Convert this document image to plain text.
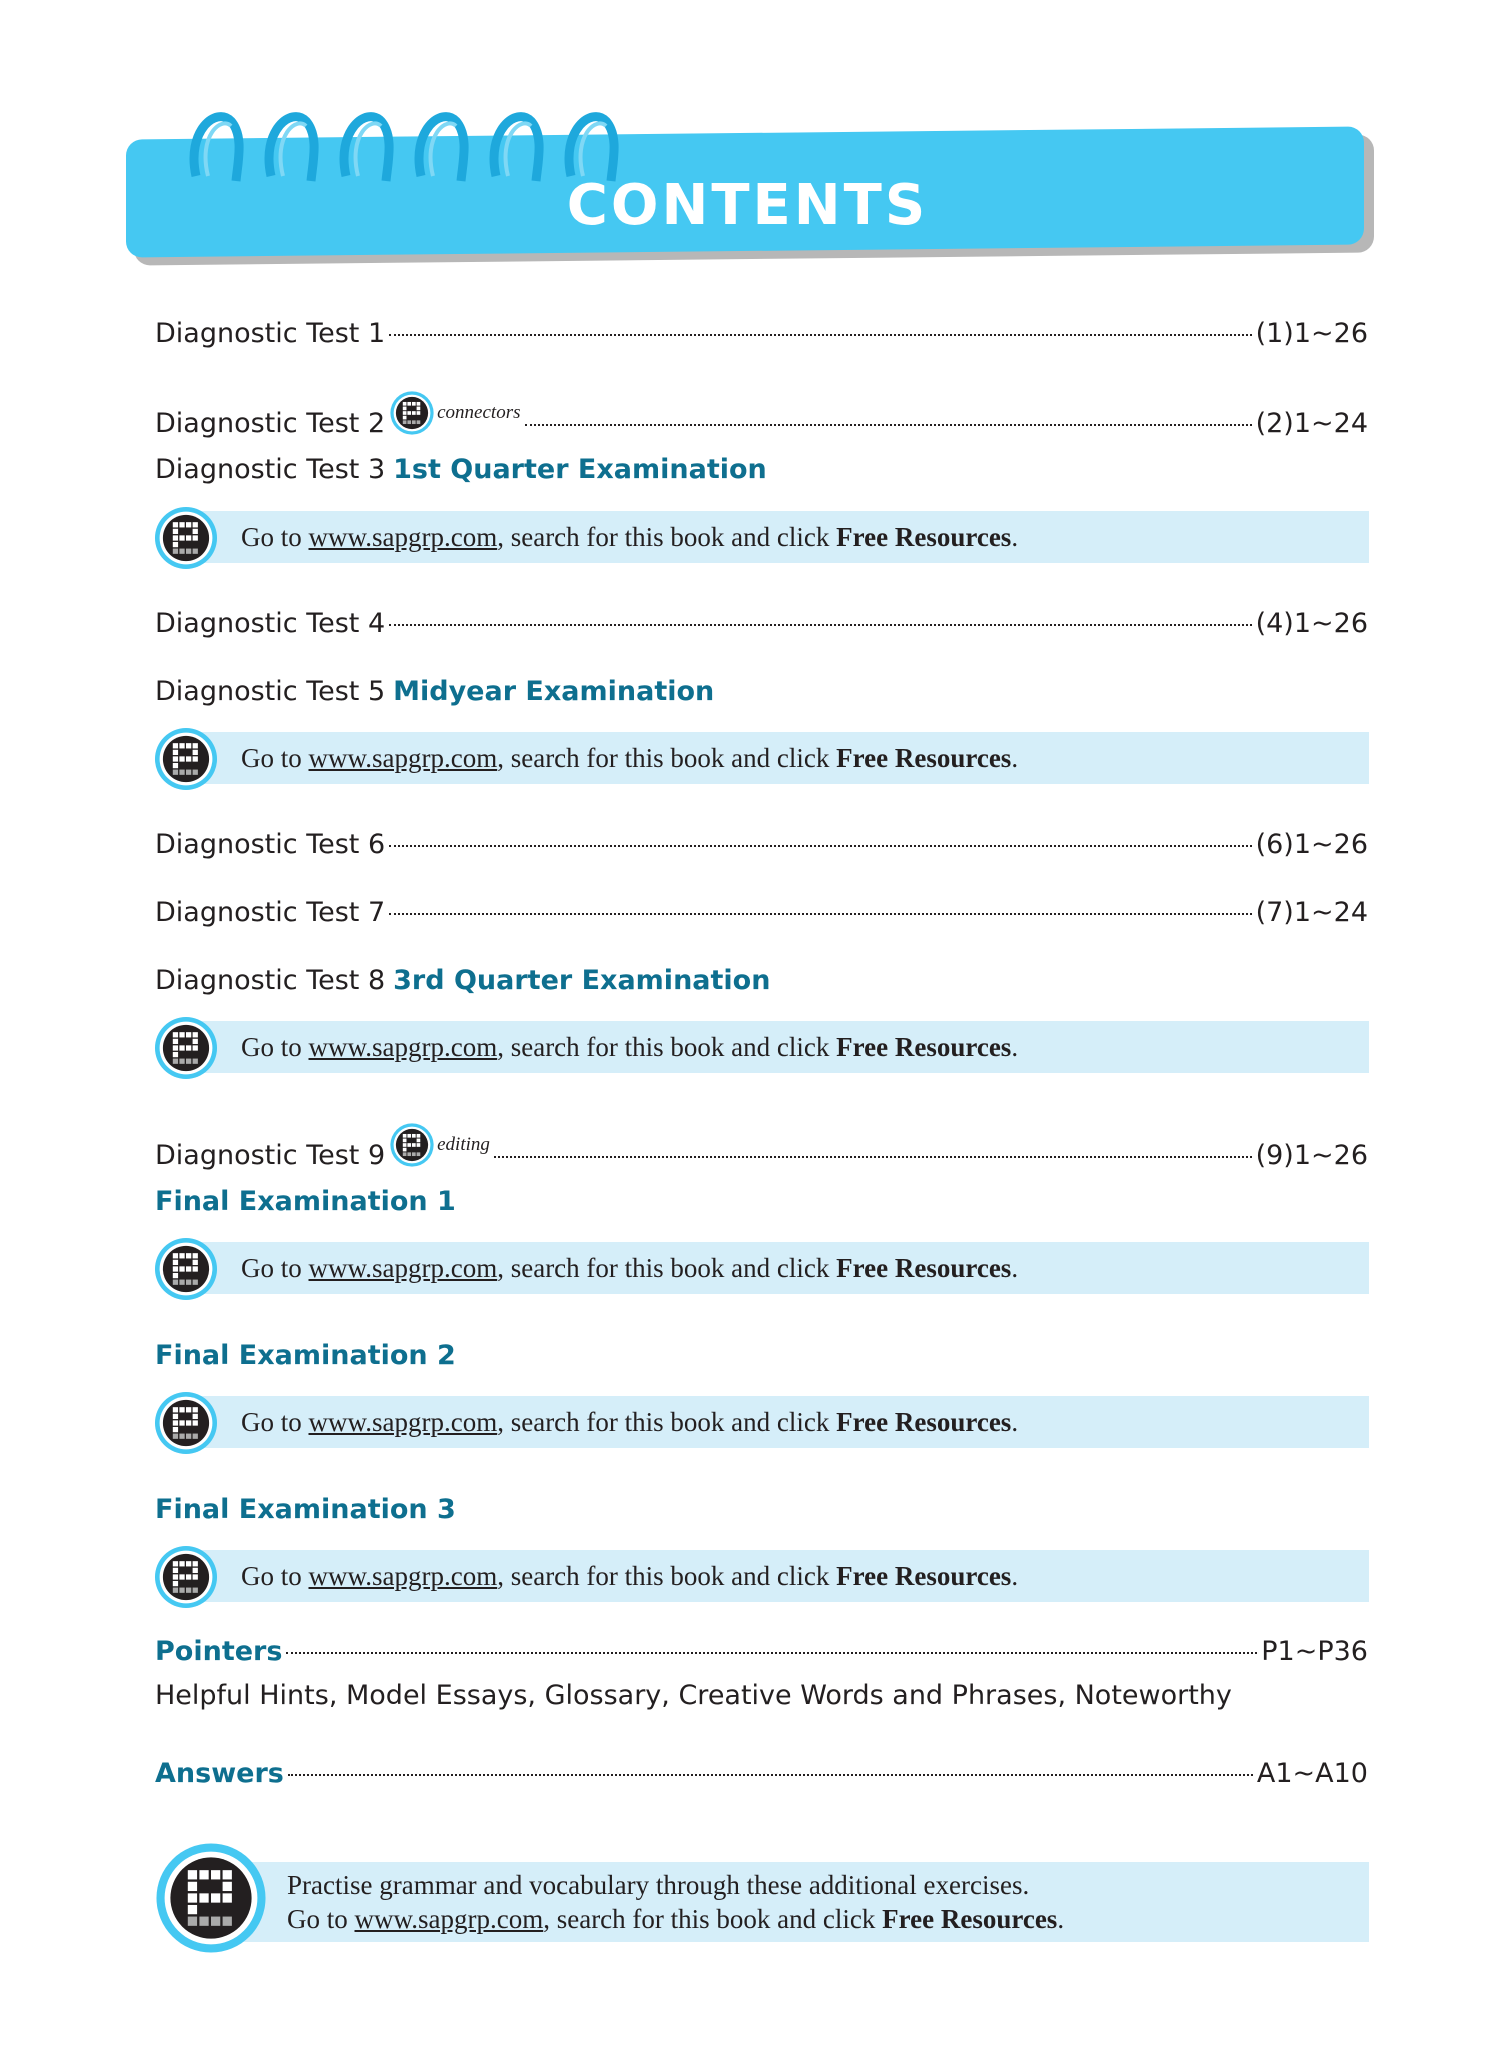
CONTENTS
Diagnostic Test 1	(1)1~26
Diagnostic Test 2	connectors	(2)1~24
Diagnostic Test 3 1st Quarter Examination
Go to www.sapgrp.com, search for this book and click Free Resources.
Diagnostic Test 4	(4)1~26
Diagnostic Test 5 Midyear Examination
Go to www.sapgrp.com, search for this book and click Free Resources.
Diagnostic Test 6	(6)1~26
Diagnostic Test 7	(7)1~24
Diagnostic Test 8 3rd Quarter Examination
Go to www.sapgrp.com, search for this book and click Free Resources.
Diagnostic Test 9	editing	(9)1~26
Final Examination 1
Go to www.sapgrp.com, search for this book and click Free Resources.
Final Examination 2
Go to www.sapgrp.com, search for this book and click Free Resources.
Final Examination 3
Go to www.sapgrp.com, search for this book and click Free Resources.
Pointers	P1~P36
Helpful Hints, Model Essays, Glossary, Creative Words and Phrases, Noteworthy
Answers	A1~A10
Practise grammar and vocabulary through these additional exercises.
Go to www.sapgrp.com, search for this book and click Free Resources.
